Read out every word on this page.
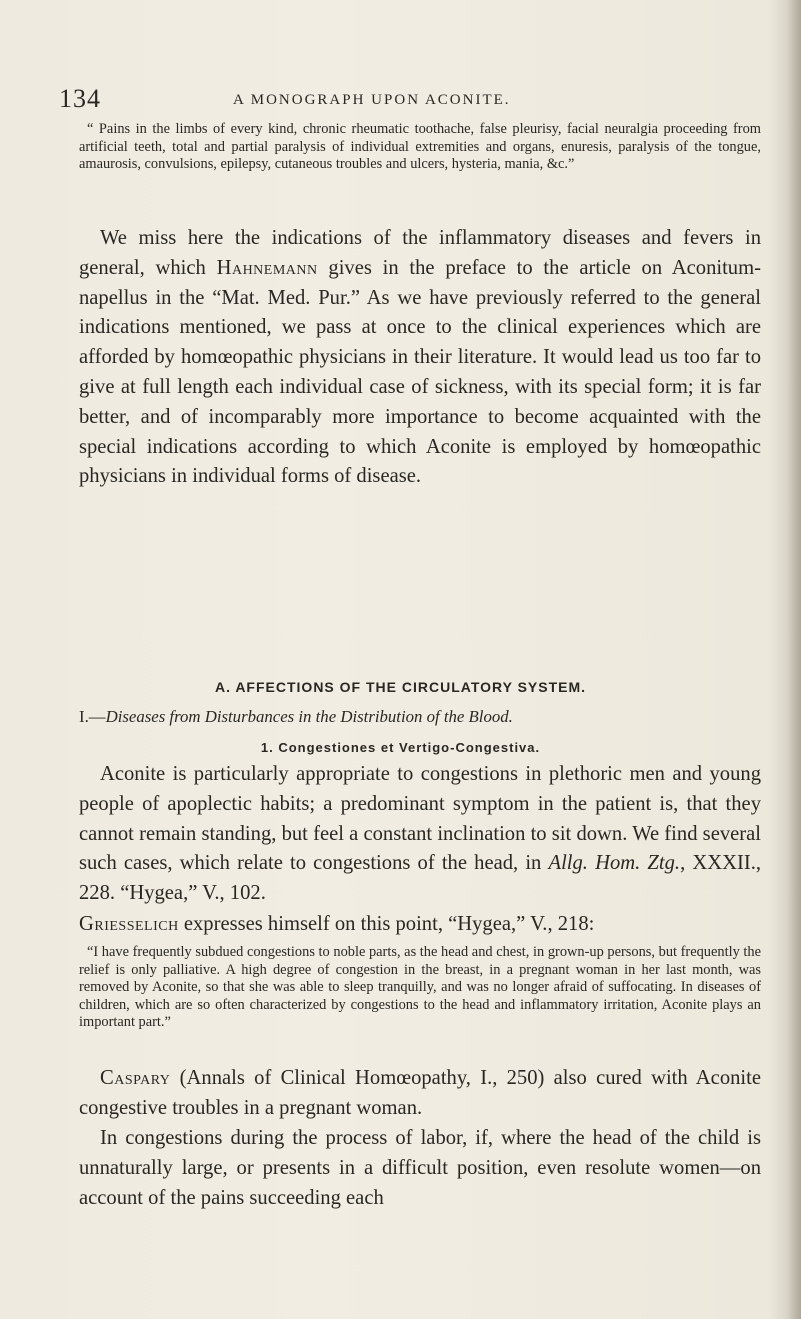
134	A MONOGRAPH UPON ACONITE.

“ Pains in the limbs of every kind, chronic rheumatic toothache, false pleurisy, facial neuralgia proceeding from artificial teeth, total and partial paralysis of individual extremities and organs, enuresis, paralysis of the tongue, amaurosis, convulsions, epilepsy, cutaneous troubles and ulcers, hysteria, mania, &c.”

We miss here the indications of the inflammatory diseases and fevers in general, which Hahnemann gives in the preface to the article on Aconitum-napellus in the “Mat. Med. Pur.” As we have previously referred to the general indications mentioned, we pass at once to the clinical experiences which are afforded by homœopathic physicians in their literature. It would lead us too far to give at full length each individual case of sickness, with its special form; it is far better, and of incomparably more importance to become acquainted with the special indications according to which Aconite is employed by homœopathic physicians in individual forms of disease.

A. AFFECTIONS OF THE CIRCULATORY SYSTEM.
I.—Diseases from Disturbances in the Distribution of the Blood.
1. Congestiones et Vertigo-Congestiva.

Aconite is particularly appropriate to congestions in plethoric men and young people of apoplectic habits; a predominant symptom in the patient is, that they cannot remain standing, but feel a constant inclination to sit down. We find several such cases, which relate to congestions of the head, in Allg. Hom. Ztg., XXXII., 228. “Hygea,” V., 102.

Griesselich expresses himself on this point, “Hygea,” V., 218:

“I have frequently subdued congestions to noble parts, as the head and chest, in grown-up persons, but frequently the relief is only palliative. A high degree of congestion in the breast, in a pregnant woman in her last month, was removed by Aconite, so that she was able to sleep tranquilly, and was no longer afraid of suffocating. In diseases of children, which are so often characterized by congestions to the head and inflammatory irritation, Aconite plays an important part.”

Caspary (Annals of Clinical Homœopathy, I., 250) also cured with Aconite congestive troubles in a pregnant woman.

In congestions during the process of labor, if, where the head of the child is unnaturally large, or presents in a difficult position, even resolute women—on account of the pains succeeding each
